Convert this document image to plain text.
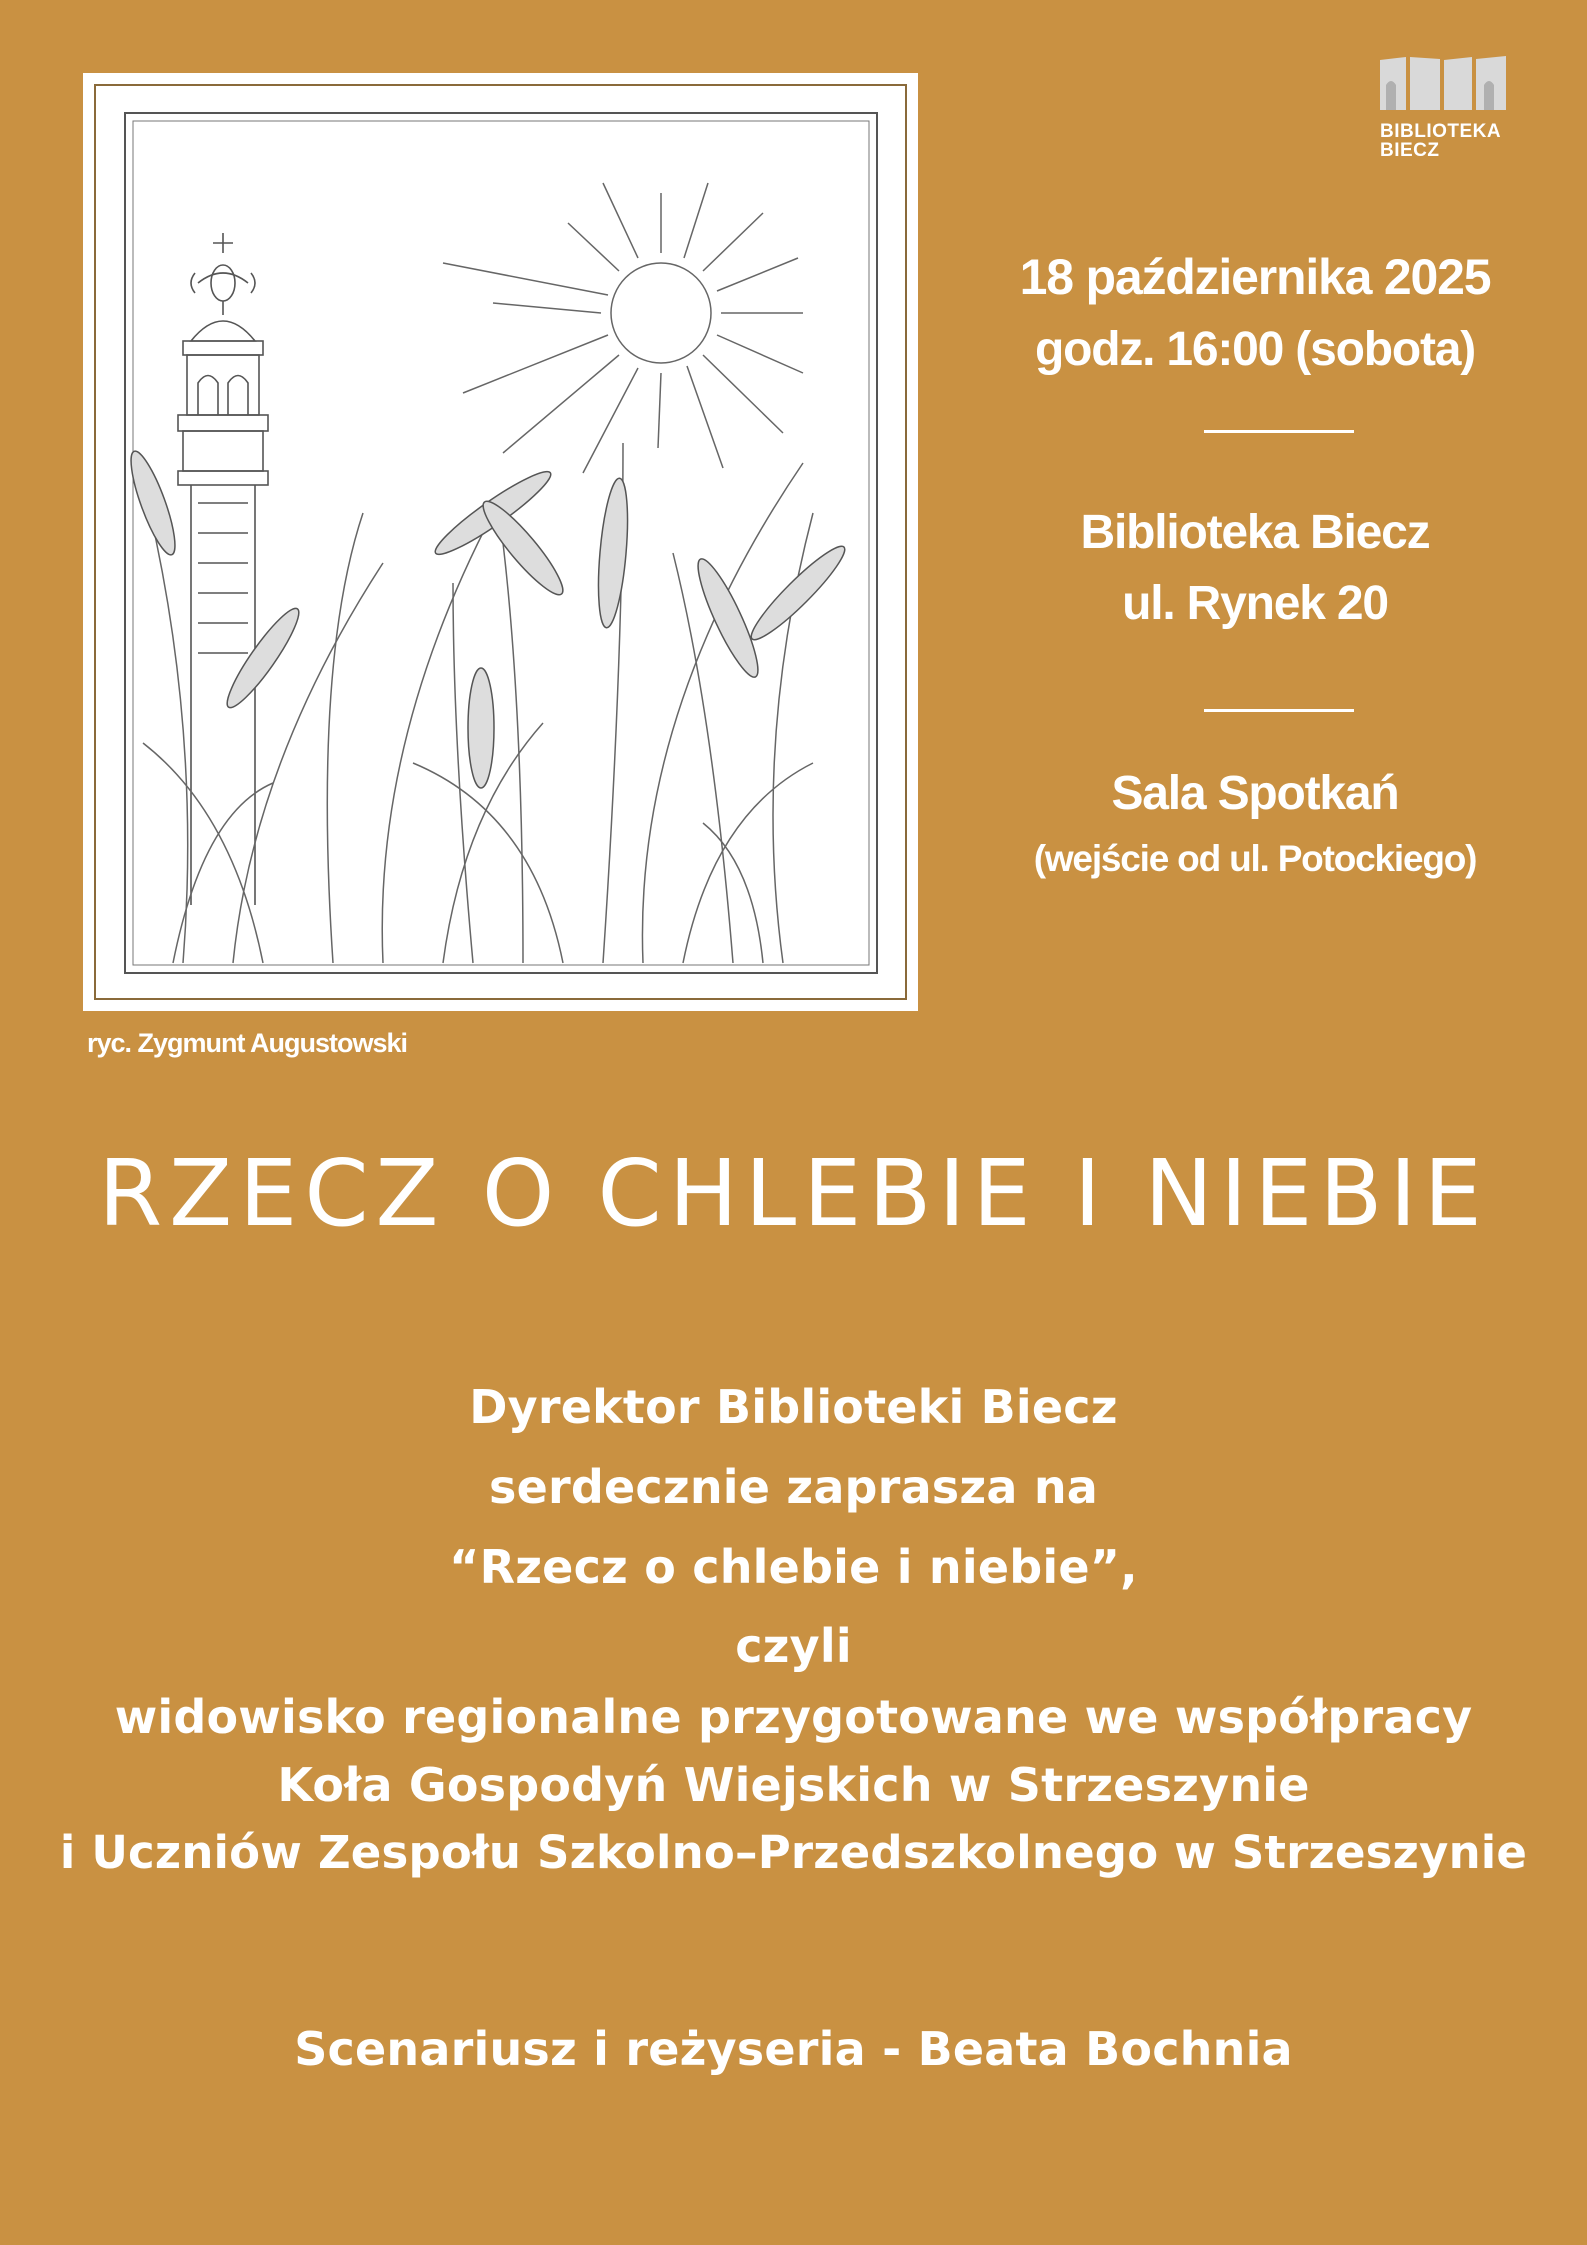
ryc. Zygmunt Augustowski
BIBLIOTEKA
BIECZ
18 października 2025
godz. 16:00 (sobota)
Biblioteka Biecz
ul. Rynek 20
Sala Spotkań
(wejście od ul. Potockiego)
RZECZ O CHLEBIE I NIEBIE
Dyrektor Biblioteki Biecz
serdecznie zaprasza na
“Rzecz o chlebie i niebie”,
czyli
widowisko regionalne przygotowane we współpracy
Koła Gospodyń Wiejskich w Strzeszynie
i Uczniów Zespołu Szkolno–Przedszkolnego w Strzeszynie
Scenariusz i reżyseria - Beata Bochnia
